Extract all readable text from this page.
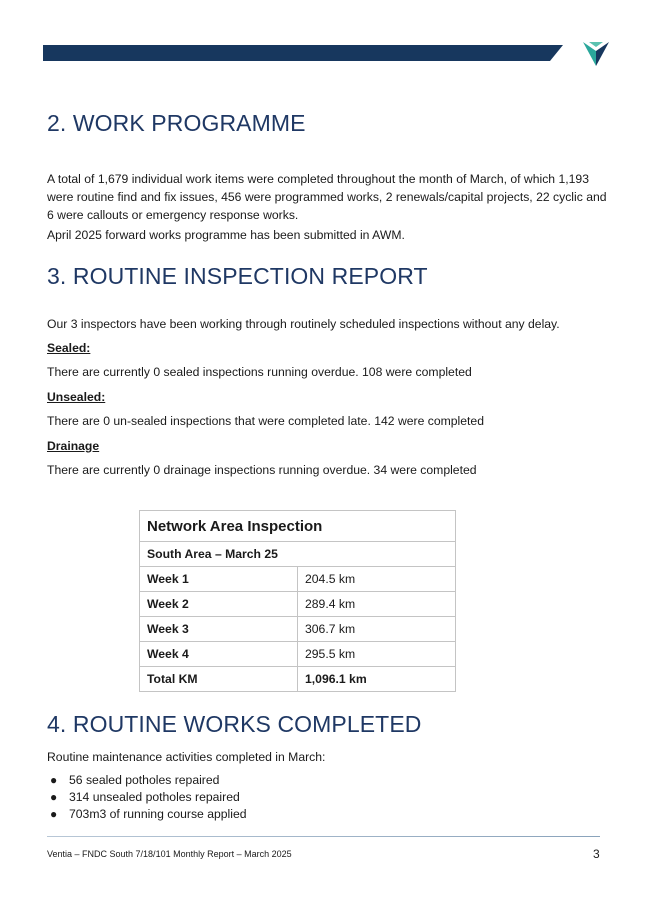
2. WORK PROGRAMME

A total of 1,679 individual work items were completed throughout the month of March, of which 1,193 were routine find and fix issues, 456 were programmed works, 2 renewals/capital projects, 22 cyclic and 6 were callouts or emergency response works.

April 2025 forward works programme has been submitted in AWM.

3. ROUTINE INSPECTION REPORT

Our 3 inspectors have been working through routinely scheduled inspections without any delay.

Sealed:

There are currently 0 sealed inspections running overdue. 108 were completed

Unsealed:

There are 0 un-sealed inspections that were completed late. 142 were completed

Drainage

There are currently 0 drainage inspections running overdue. 34 were completed

Network Area Inspection	
South Area – March 25	
Week 1	204.5 km
Week 2	289.4 km
Week 3	306.7 km
Week 4	295.5 km
Total KM	1,096.1 km
4. ROUTINE WORKS COMPLETED

Routine maintenance activities completed in March:

● 56 sealed potholes repaired
● 314 unsealed potholes repaired
● 703m3 of running course applied
Ventia – FNDC South 7/18/101 Monthly Report – March 2025	3
